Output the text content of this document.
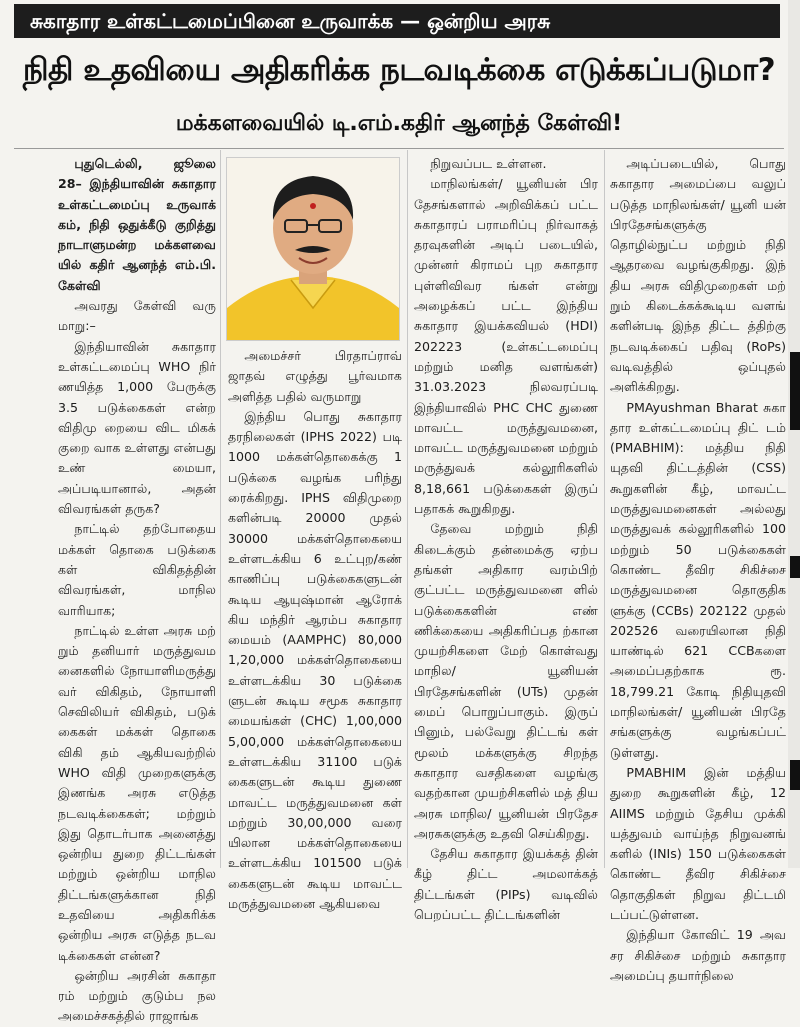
சுகாதார உள்கட்டமைப்பினை உருவாக்க — ஒன்றிய அரசு
நிதி உதவியை அதிகரிக்க நடவடிக்கை எடுக்கப்படுமா?
மக்களவையில் டி.எம்.கதிர் ஆனந்த் கேள்வி!

புதுடெல்லி, ஜூலை 28– இந்தியாவின் சுகாதார உள்கட்டமைப்பு உருவாக் கம், நிதி ஒதுக்கீடு குறித்து நாடாளுமன்ற மக்களவை யில் கதிர் ஆனந்த் எம்.பி. கேள்வி

அவரது கேள்வி வரு மாறு:–

இந்தியாவின் சுகாதார உள்கட்டமைப்பு WHO நிர் ணயித்த 1,000 பேருக்கு 3.5 படுக்கைகள் என்ற விதிமு றையை விட மிகக் குறை வாக உள்ளது என்பது உண் மையா, அப்படியானால், அதன் விவரங்கள் தருக?

நாட்டில் தற்போதைய மக்கள் தொகை படுக்கை கள் விகிதத்தின் விவரங்கள், மாநில வாரியாக;

நாட்டில் உள்ள அரசு மற் றும் தனியார் மருத்துவம னைகளில் நோயாளிமருத்து வர் விகிதம், நோயாளி செவிலியர் விகிதம், படுக் கைகள் மக்கள் தொகை விகி தம் ஆகியவற்றில் WHO விதி முறைகளுக்கு இணங்க அரசு எடுத்த நடவடிக்கைகள்; மற்றும் இது தொடர்பாக அனைத்து ஒன்றிய துறை திட்டங்கள் மற்றும் ஒன்றிய மாநில திட்டங்களுக்கான நிதி உதவியை அதிகரிக்க ஒன்றிய அரசு எடுத்த நடவ டிக்கைகள் என்ன?

ஒன்றிய அரசின் சுகாதா ரம் மற்றும் குடும்ப நல அமைச்சகத்தில் ராஜாங்க

அமைச்சர் பிரதாப்ராவ் ஜாதவ் எழுத்து பூர்வமாக அளித்த பதில் வருமாறு

இந்திய பொது சுகாதார தரநிலைகள் (IPHS 2022) படி 1000 மக்கள்தொகைக்கு 1 படுக்கை வழங்க பரிந்து ரைக்கிறது. IPHS விதிமுறை களின்படி 20000 முதல் 30000 மக்கள்தொகையை உள்ளடக்கிய 6 உட்புற/கண் காணிப்பு படுக்கைகளுடன் கூடிய ஆயுஷ்மான் ஆரோக் கிய மந்திர் ஆரம்ப சுகாதார மையம் (AAMPHC) 80,000 1,20,000 மக்கள்தொகையை உள்ளடக்கிய 30 படுக்கை ளுடன் கூடிய சமூக சுகாதார மையங்கள் (CHC) 1,00,000 5,00,000 மக்கள்தொகையை உள்ளடக்கிய 31100 படுக் கைகளுடன் கூடிய துணை மாவட்ட மருத்துவமனை கள் மற்றும் 30,00,000 வரை யிலான மக்கள்தொகையை உள்ளடக்கிய 101500 படுக் கைகளுடன் கூடிய மாவட்ட மருத்துவமனை ஆகியவை

நிறுவப்பட உள்ளன.

மாநிலங்கள்/ யூனியன் பிர தேசங்களால் அறிவிக்கப் பட்ட சுகாதாரப் பராமரிப்பு நிர்வாகத் தரவுகளின் அடிப் படையில், முன்னர் கிராமப் புற சுகாதார புள்ளிவிவர ங்கள் என்று அழைக்கப் பட்ட இந்திய சுகாதார இயக்கவியல் (HDI) 202223 (உள்கட்டமைப்பு மற்றும் மனித வளங்கள்) 31.03.2023 நிலவரப்படி இந்தியாவில் PHC CHC துணை மாவட்ட மருத்துவமனை, மாவட்ட மருத்துவமனை மற்றும் மருத்துவக் கல்லூரிகளில் 8,18,661 படுக்கைகள் இருப் பதாகக் கூறுகிறது.

தேவை மற்றும் நிதி கிடைக்கும் தன்மைக்கு ஏற்ப தங்கள் அதிகார வரம்பிற் குட்பட்ட மருத்துவமனை ளில் படுக்கைகளின் எண் ணிக்கையை அதிகரிப்பத ற்கான முயற்சிகளை மேற் கொள்வது மாநில/ யூனியன் பிரதேசங்களின் (UTs) முதன் மைப் பொறுப்பாகும். இருப் பினும், பல்வேறு திட்டங் கள் மூலம் மக்களுக்கு சிறந்த சுகாதார வசதிகளை வழங்கு வதற்கான முயற்சிகளில் மத் திய அரசு மாநில/ யூனியன் பிரதேச அரசுகளுக்கு உதவி செய்கிறது.

தேசிய சுகாதார இயக்கத் தின் கீழ் திட்ட அமலாக்கத் திட்டங்கள் (PIPs) வடிவில் பெறப்பட்ட திட்டங்களின்

அடிப்படையில், பொது சுகாதார அமைப்பை வலுப் படுத்த மாநிலங்கள்/ யூனி யன் பிரதேசங்களுக்கு தொழில்நுட்ப மற்றும் நிதி ஆதரவை வழங்குகிறது. இந் திய அரசு விதிமுறைகள் மற் றும் கிடைக்கக்கூடிய வளங் களின்படி இந்த திட்ட த்திற்கு நடவடிக்கைப் பதிவு (RoPs) வடிவத்தில் ஒப்புதல் அளிக்கிறது.

PMAyushman Bharat சுகா தார உள்கட்டமைப்பு திட் டம் (PMABHIM): மத்திய நிதி யுதவி திட்டத்தின் (CSS) கூறுகளின் கீழ், மாவட்ட மருத்துவமனைகள் அல்லது மருத்துவக் கல்லூரிகளில் 100 மற்றும் 50 படுக்கைகள் கொண்ட தீவிர சிகிச்சை மருத்துவமனை தொகுதிக ளுக்கு (CCBs) 202122 முதல் 202526 வரையிலான நிதி யாண்டில் 621 CCBகளை அமைப்பதற்காக ரூ. 18,799.21 கோடி நிதியுதவி மாநிலங்கள்/ யூனியன் பிரதே சங்களுக்கு வழங்கப்பட் டுள்ளது.

PMABHIM இன் மத்திய துறை கூறுகளின் கீழ், 12 AIIMS மற்றும் தேசிய முக்கி யத்துவம் வாய்ந்த நிறுவனங் களில் (INIs) 150 படுக்கைகள் கொண்ட தீவிர சிகிச்சை தொகுதிகள் நிறுவ திட்டமி டப்பட்டுள்ளன.

இந்தியா கோவிட் 19 அவ சர சிகிச்சை மற்றும் சுகாதார அமைப்பு தயார்நிலை
